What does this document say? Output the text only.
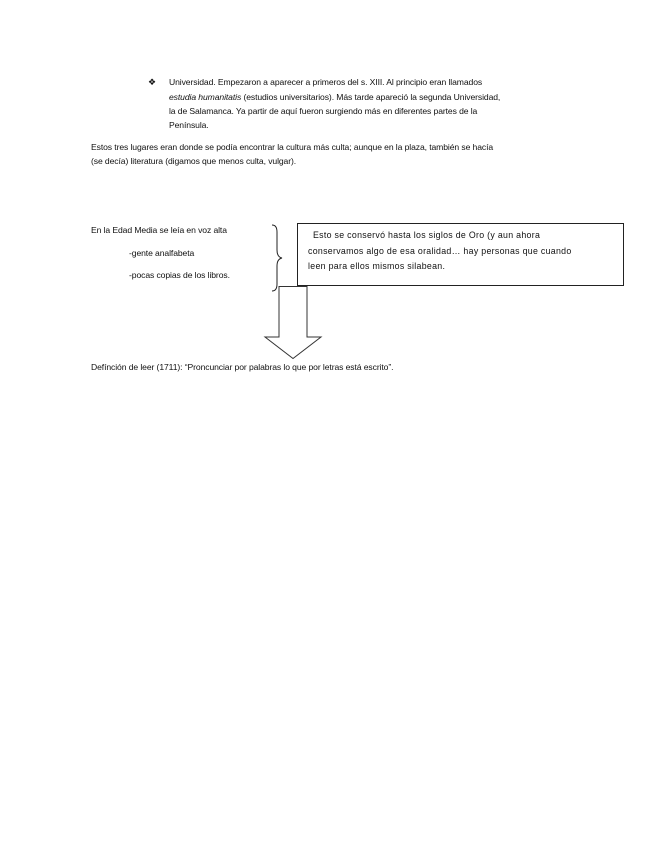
❖ Universidad. Empezaron a aparecer a primeros del s. XIII. Al principio eran llamados
estudia humanitatis (estudios universitarios). Más tarde apareció la segunda Universidad,
la de Salamanca. Ya partir de aquí fueron surgiendo más en diferentes partes de la
Península.
Estos tres lugares eran donde se podía encontrar la cultura más culta; aunque en la plaza, también se hacía
(se decía) literatura (digamos que menos culta, vulgar).
En la Edad Media se leía en voz alta
-gente analfabeta
-pocas copias de los libros.
Esto se conservó hasta los siglos de Oro (y aun ahora
conservamos algo de esa oralidad… hay personas que cuando
leen para ellos mismos silabean.
Defínción de leer (1711): “Proncunciar por palabras lo que por letras está escrito”.
